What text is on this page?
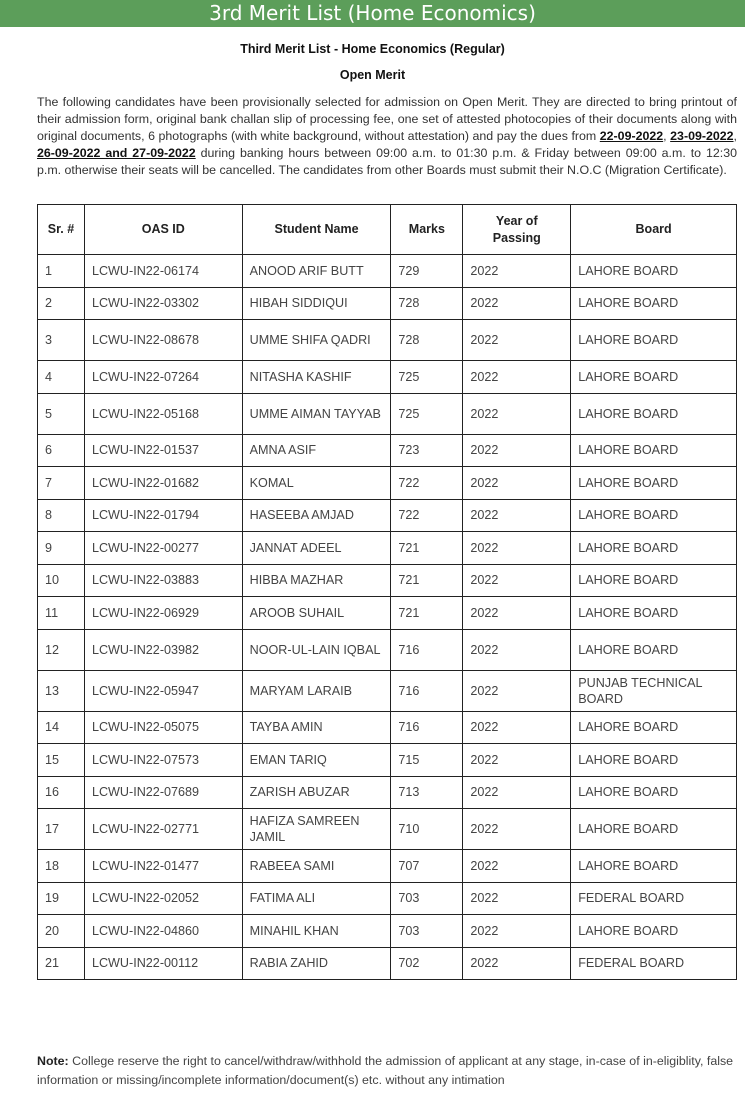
3rd Merit List (Home Economics)
Third Merit List - Home Economics (Regular)
Open Merit
The following candidates have been provisionally selected for admission on Open Merit. They are directed to bring printout of their admission form, original bank challan slip of processing fee, one set of attested photocopies of their documents along with original documents, 6 photographs (with white background, without attestation) and pay the dues from 22-09-2022, 23-09-2022, 26-09-2022 and 27-09-2022 during banking hours between 09:00 a.m. to 01:30 p.m. & Friday between 09:00 a.m. to 12:30 p.m. otherwise their seats will be cancelled. The candidates from other Boards must submit their N.O.C (Migration Certificate).
Sr. #	OAS ID	Student Name	Marks	Year of Passing	Board
1	LCWU-IN22-06174	ANOOD ARIF BUTT	729	2022	LAHORE BOARD
2	LCWU-IN22-03302	HIBAH SIDDIQUI	728	2022	LAHORE BOARD
3	LCWU-IN22-08678	UMME SHIFA QADRI	728	2022	LAHORE BOARD
4	LCWU-IN22-07264	NITASHA KASHIF	725	2022	LAHORE BOARD
5	LCWU-IN22-05168	UMME AIMAN TAYYAB	725	2022	LAHORE BOARD
6	LCWU-IN22-01537	AMNA ASIF	723	2022	LAHORE BOARD
7	LCWU-IN22-01682	KOMAL	722	2022	LAHORE BOARD
8	LCWU-IN22-01794	HASEEBA AMJAD	722	2022	LAHORE BOARD
9	LCWU-IN22-00277	JANNAT ADEEL	721	2022	LAHORE BOARD
10	LCWU-IN22-03883	HIBBA MAZHAR	721	2022	LAHORE BOARD
11	LCWU-IN22-06929	AROOB SUHAIL	721	2022	LAHORE BOARD
12	LCWU-IN22-03982	NOOR-UL-LAIN IQBAL	716	2022	LAHORE BOARD
13	LCWU-IN22-05947	MARYAM LARAIB	716	2022	PUNJAB TECHNICAL BOARD
14	LCWU-IN22-05075	TAYBA AMIN	716	2022	LAHORE BOARD
15	LCWU-IN22-07573	EMAN TARIQ	715	2022	LAHORE BOARD
16	LCWU-IN22-07689	ZARISH ABUZAR	713	2022	LAHORE BOARD
17	LCWU-IN22-02771	HAFIZA SAMREEN JAMIL	710	2022	LAHORE BOARD
18	LCWU-IN22-01477	RABEEA SAMI	707	2022	LAHORE BOARD
19	LCWU-IN22-02052	FATIMA ALI	703	2022	FEDERAL BOARD
20	LCWU-IN22-04860	MINAHIL KHAN	703	2022	LAHORE BOARD
21	LCWU-IN22-00112	RABIA ZAHID	702	2022	FEDERAL BOARD
Note: College reserve the right to cancel/withdraw/withhold the admission of applicant at any stage, in-case of in-eligiblity, false information or missing/incomplete information/document(s) etc. without any intimation
